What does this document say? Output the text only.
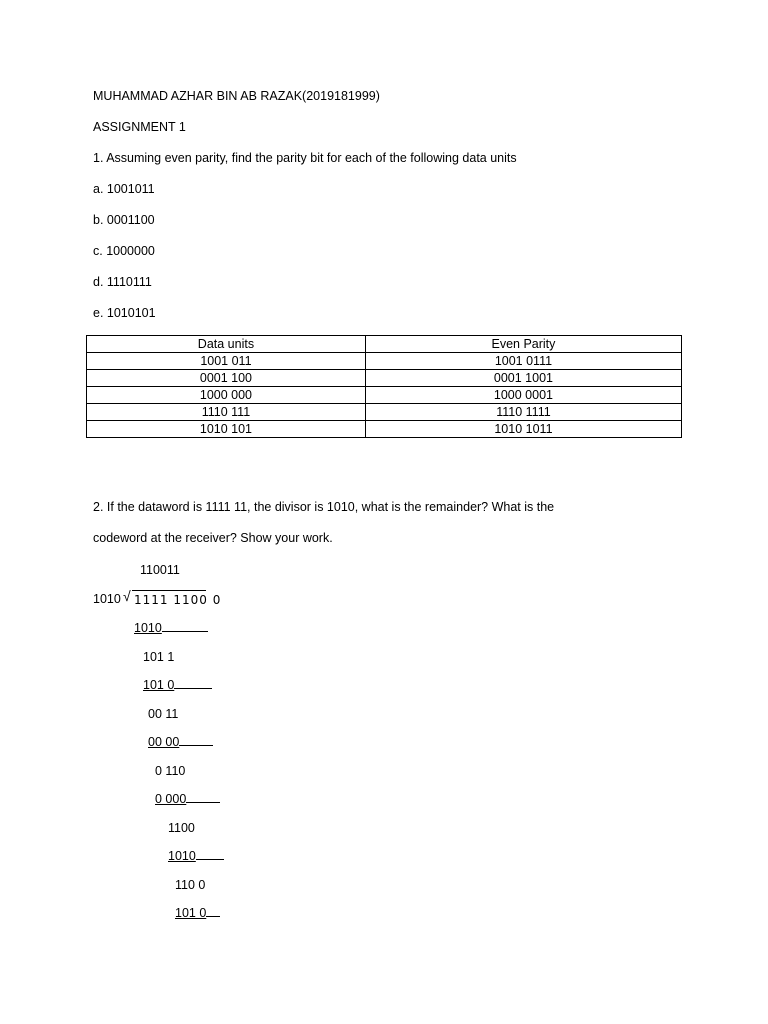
MUHAMMAD AZHAR BIN AB RAZAK(2019181999)
ASSIGNMENT 1
1. Assuming even parity, find the parity bit for each of the following data units
a. 1001011
b. 0001100
c. 1000000
d. 1110111
e. 1010101
Data units	Even Parity
1001 011	1001 0111
0001 100	0001 1001
1000 000	1000 0001
1110 111	1110 1111
1010 101	1010 1011
2. If the dataword is 1111 11, the divisor is 1010, what is the remainder? What is the
codeword at the receiver? Show your work.
110011
1010 √ 1111 1100 0
1010
101 1
101 0
00 11
00 00
0 110
0 000
1100
1010
110 0
101 0
